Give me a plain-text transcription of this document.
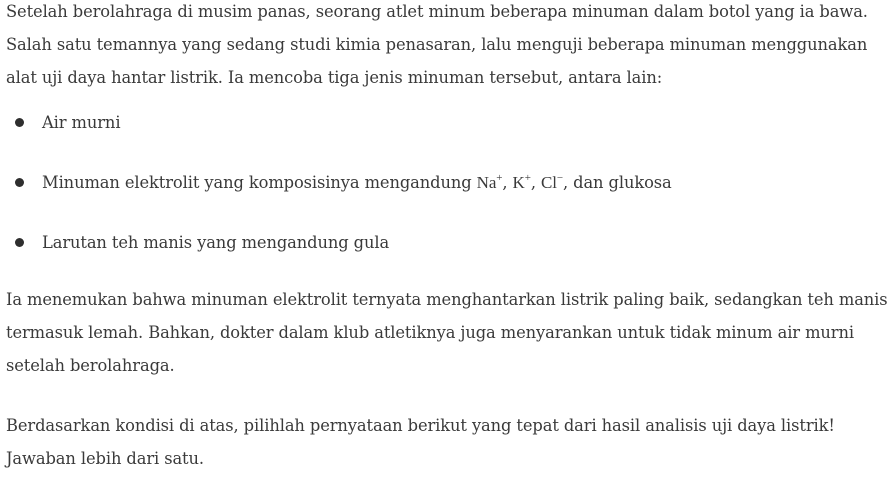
Setelah berolahraga di musim panas, seorang atlet minum beberapa minuman dalam botol yang ia bawa. Salah satu temannya yang sedang studi kimia penasaran, lalu menguji beberapa minuman menggunakan alat uji daya hantar listrik. Ia mencoba tiga jenis minuman tersebut, antara lain:

Air murni
Minuman elektrolit yang komposisinya mengandung Na+, K+, Cl−, dan glukosa
Larutan teh manis yang mengandung gula

Ia menemukan bahwa minuman elektrolit ternyata menghantarkan listrik paling baik, sedangkan teh manis termasuk lemah. Bahkan, dokter dalam klub atletiknya juga menyarankan untuk tidak minum air murni setelah berolahraga.

Berdasarkan kondisi di atas, pilihlah pernyataan berikut yang tepat dari hasil analisis uji daya listrik! Jawaban lebih dari satu.
